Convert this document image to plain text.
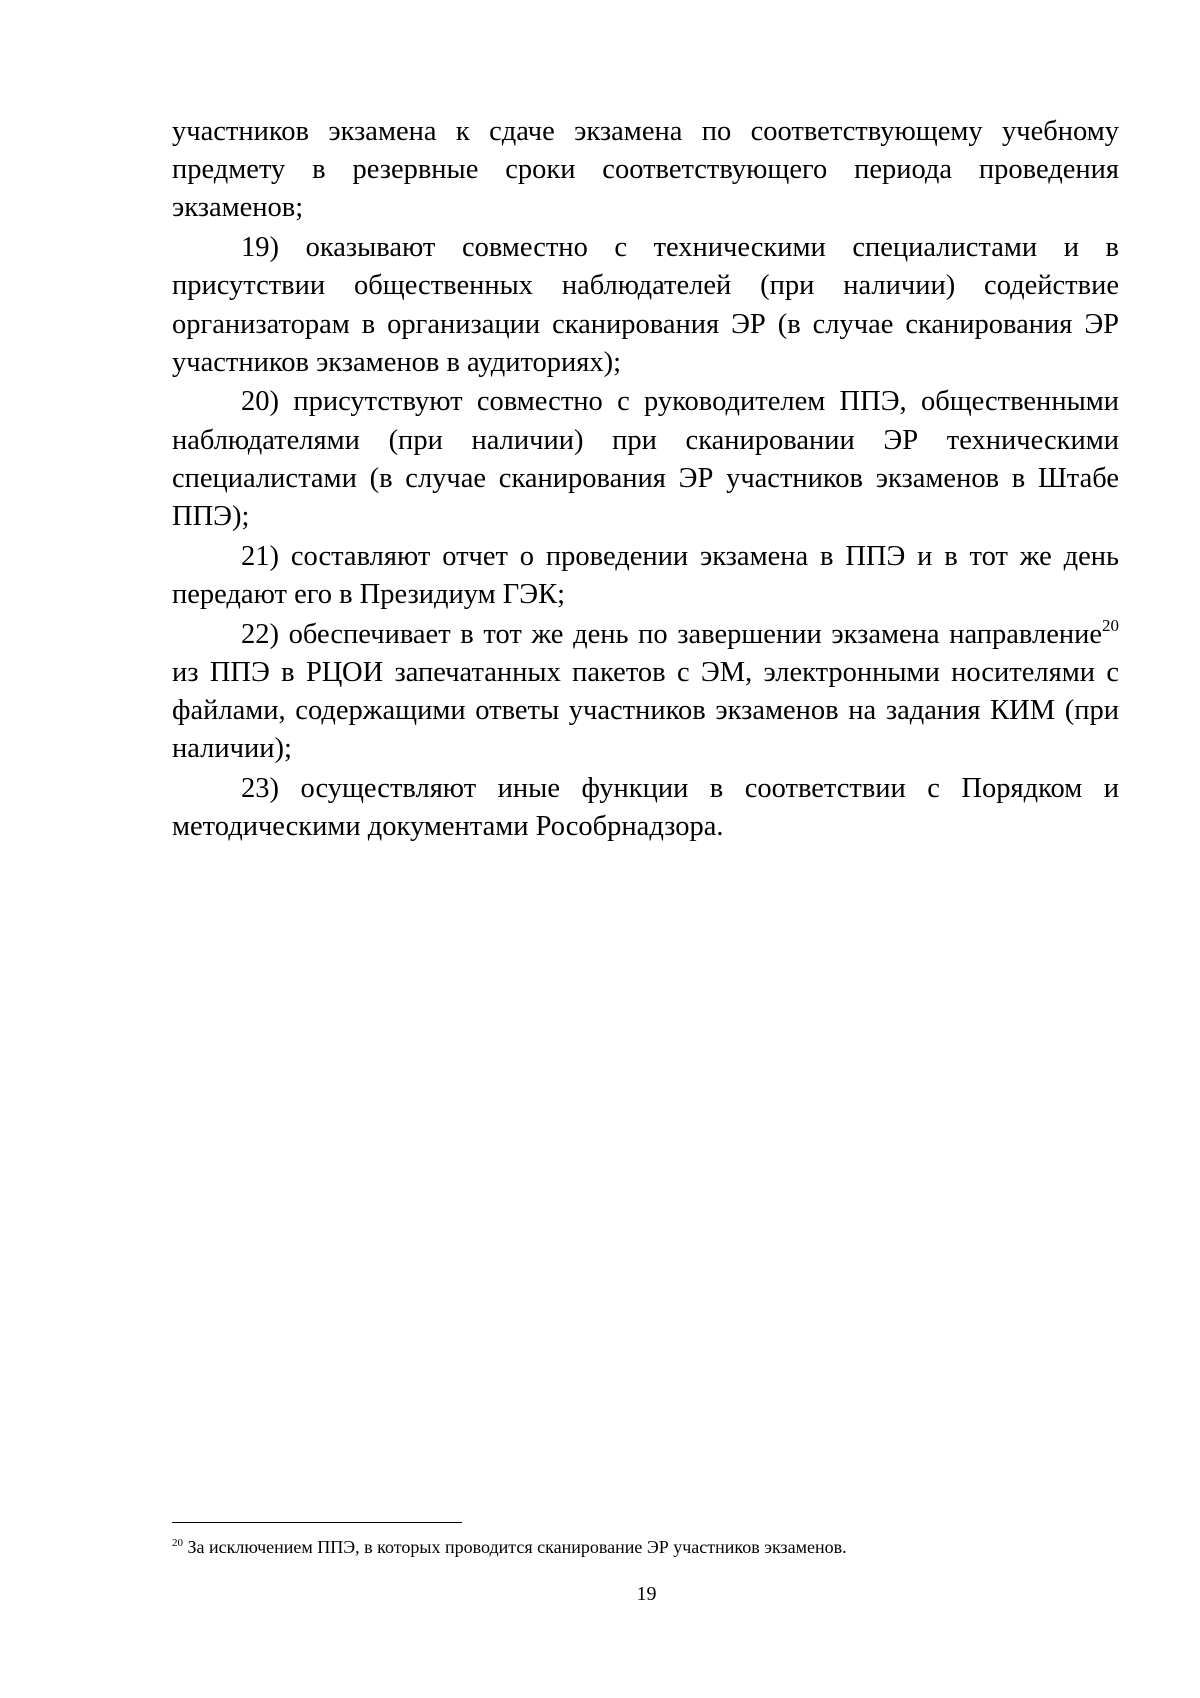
участников экзамена к сдаче экзамена по соответствующему учебному предмету в резервные сроки соответствующего периода проведения экзаменов;

19) оказывают совместно с техническими специалистами и в присутствии общественных наблюдателей (при наличии) содействие организаторам в организации сканирования ЭР (в случае сканирования ЭР участников экзаменов в аудиториях);

20) присутствуют совместно с руководителем ППЭ, общественными наблюдателями (при наличии) при сканировании ЭР техническими специалистами (в случае сканирования ЭР участников экзаменов в Штабе ППЭ);

21) составляют отчет о проведении экзамена в ППЭ и в тот же день передают его в Президиум ГЭК;

22) обеспечивает в тот же день по завершении экзамена направление$^{20}$ из ППЭ в РЦОИ запечатанных пакетов с ЭМ, электронными носителями с файлами, содержащими ответы участников экзаменов на задания КИМ (при наличии);

23) осуществляют иные функции в соответствии с Порядком и методическими документами Рособрнадзора.

$^{20}$ За исключением ППЭ, в которых проводится сканирование ЭР участников экзаменов.
19
